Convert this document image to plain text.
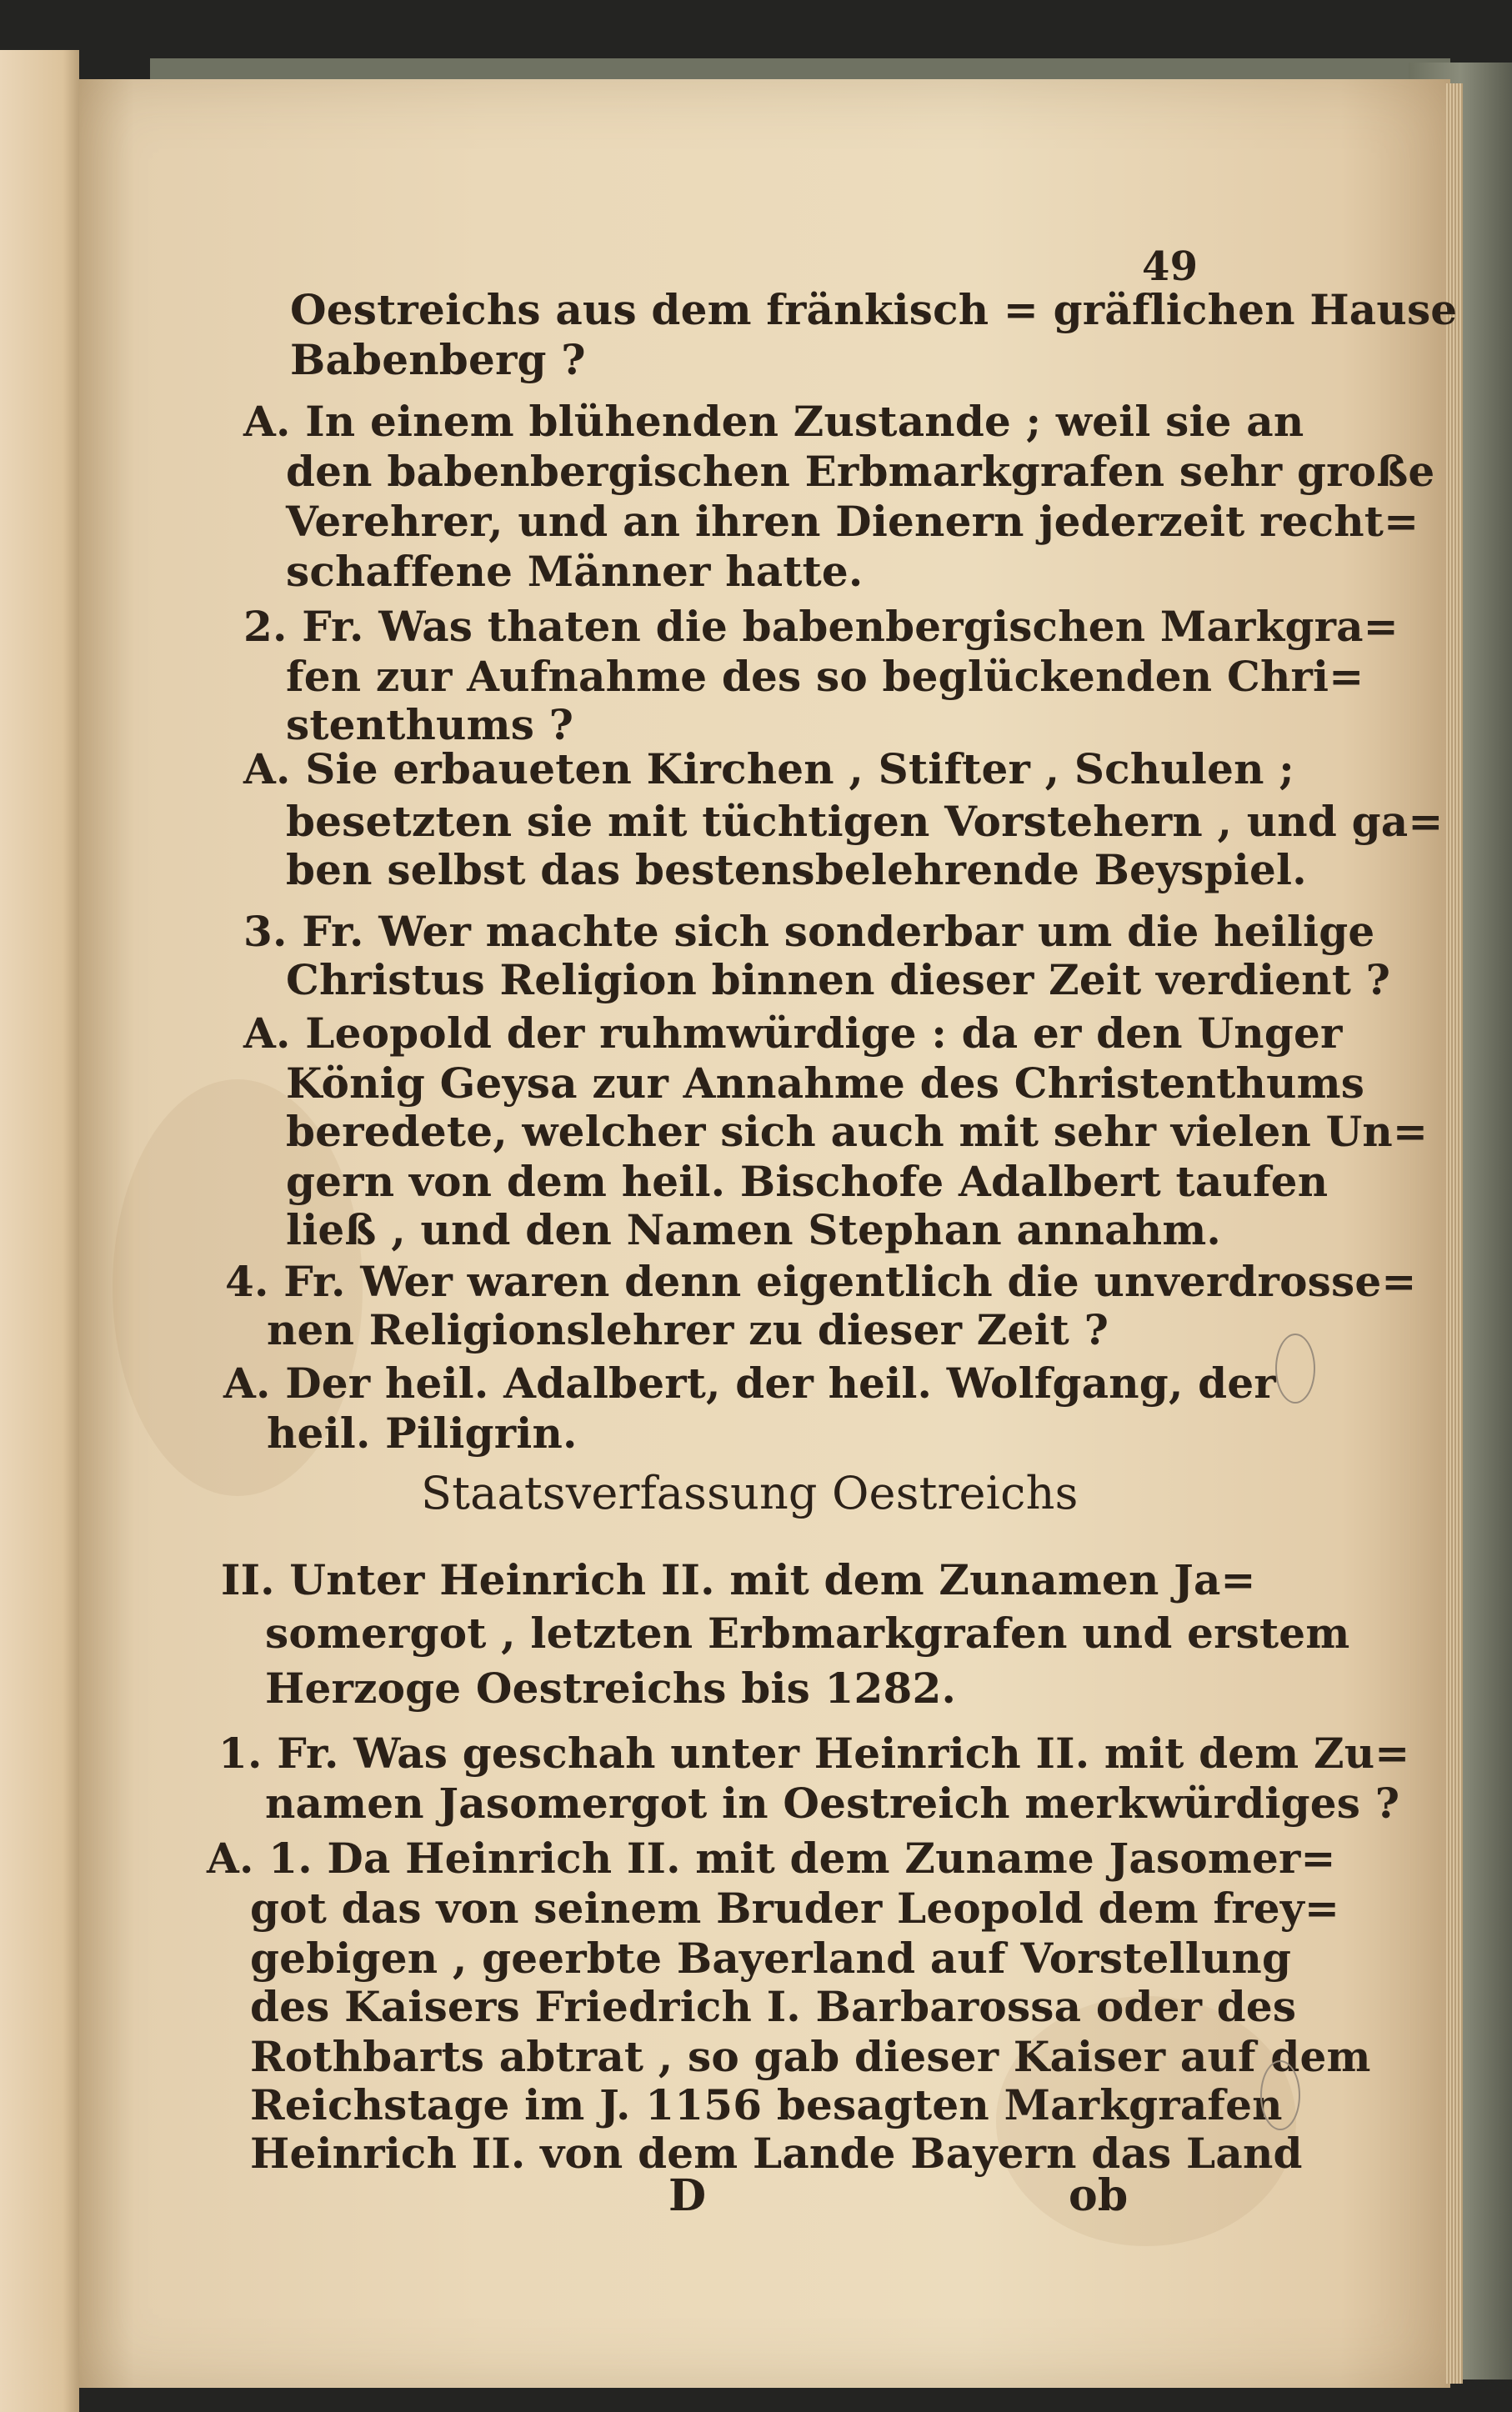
49
Oestreichs aus dem fränkisch = gräflichen Hause
Babenberg ?
A. In einem blühenden Zustande ; weil sie an
den babenbergischen Erbmarkgrafen sehr große
Verehrer, und an ihren Dienern jederzeit recht=
schaffene Männer hatte.
2. Fr. Was thaten die babenbergischen Markgra=
fen zur Aufnahme des so beglückenden Chri=
stenthums ?
A. Sie erbaueten Kirchen , Stifter , Schulen ;
besetzten sie mit tüchtigen Vorstehern , und ga=
ben selbst das bestensbelehrende Beyspiel.
3. Fr. Wer machte sich sonderbar um die heilige
Christus Religion binnen dieser Zeit verdient ?
A. Leopold der ruhmwürdige : da er den Unger
König Geysa zur Annahme des Christenthums
beredete, welcher sich auch mit sehr vielen Un=
gern von dem heil. Bischofe Adalbert taufen
ließ , und den Namen Stephan annahm.
4. Fr. Wer waren denn eigentlich die unverdrosse=
nen Religionslehrer zu dieser Zeit ?
A. Der heil. Adalbert, der heil. Wolfgang, der
heil. Piligrin.
Staatsverfassung Oestreichs
II. Unter Heinrich II. mit dem Zunamen Ja=
somergot , letzten Erbmarkgrafen und erstem
Herzoge Oestreichs bis 1282.
1. Fr. Was geschah unter Heinrich II. mit dem Zu=
namen Jasomergot in Oestreich merkwürdiges ?
A. 1. Da Heinrich II. mit dem Zuname Jasomer=
got das von seinem Bruder Leopold dem frey=
gebigen , geerbte Bayerland auf Vorstellung
des Kaisers Friedrich I. Barbarossa oder des
Rothbarts abtrat , so gab dieser Kaiser auf dem
Reichstage im J. 1156 besagten Markgrafen
Heinrich II. von dem Lande Bayern das Land
D	ob
